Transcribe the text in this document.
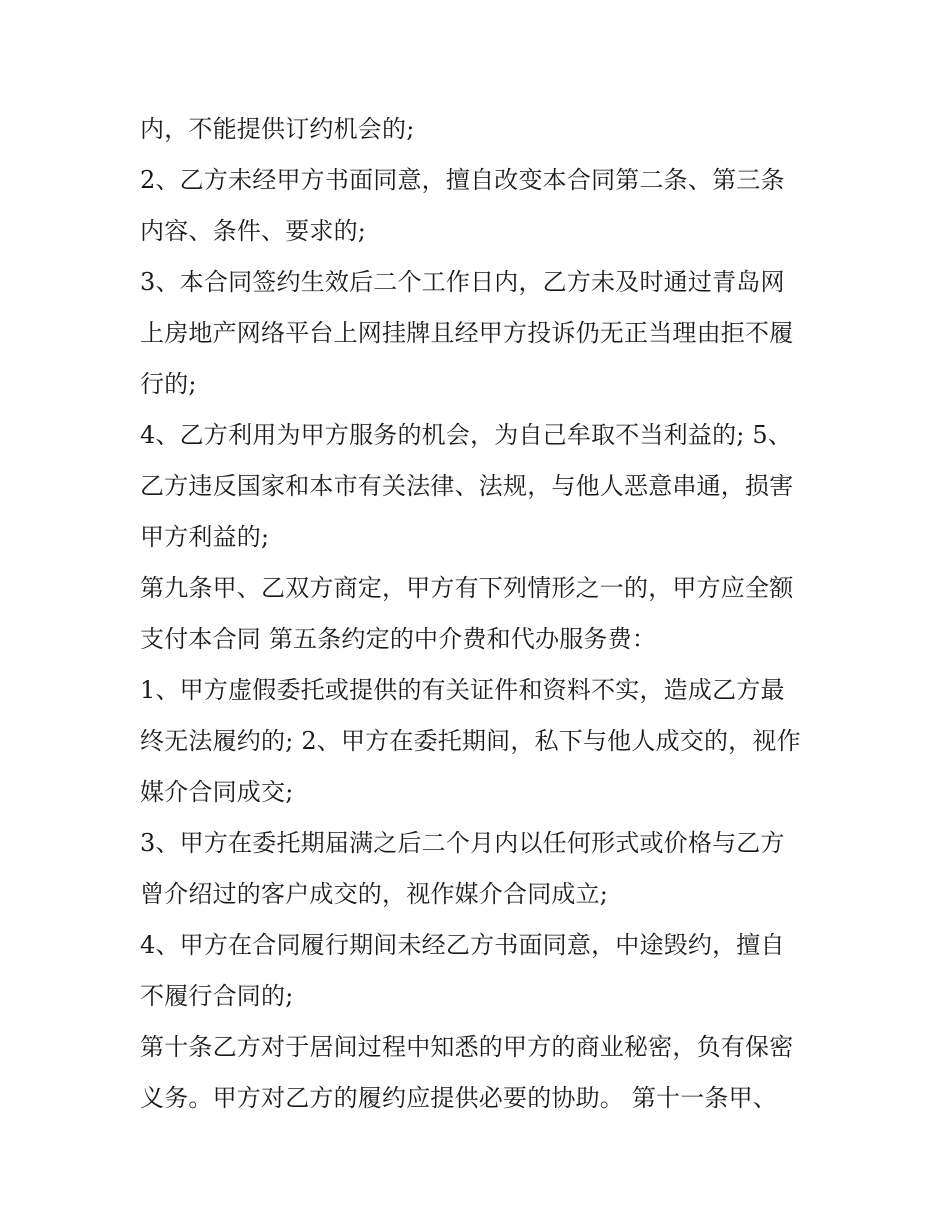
内，不能提供订约机会的;
2、乙方未经甲方书面同意，擅自改变本合同第二条、第三条
内容、条件、要求的;
3、本合同签约生效后二个工作日内，乙方未及时通过青岛网
上房地产网络平台上网挂牌且经甲方投诉仍无正当理由拒不履
行的;
4、乙方利用为甲方服务的机会，为自己牟取不当利益的; 5、
乙方违反国家和本市有关法律、法规，与他人恶意串通，损害
甲方利益的;
第九条甲、乙双方商定，甲方有下列情形之一的，甲方应全额
支付本合同 第五条约定的中介费和代办服务费：
1、甲方虚假委托或提供的有关证件和资料不实，造成乙方最
终无法履约的; 2、甲方在委托期间，私下与他人成交的，视作
媒介合同成交;
3、甲方在委托期届满之后二个月内以任何形式或价格与乙方
曾介绍过的客户成交的，视作媒介合同成立;
4、甲方在合同履行期间未经乙方书面同意，中途毁约，擅自
不履行合同的;
第十条乙方对于居间过程中知悉的甲方的商业秘密，负有保密
义务。甲方对乙方的履约应提供必要的协助。 第十一条甲、
